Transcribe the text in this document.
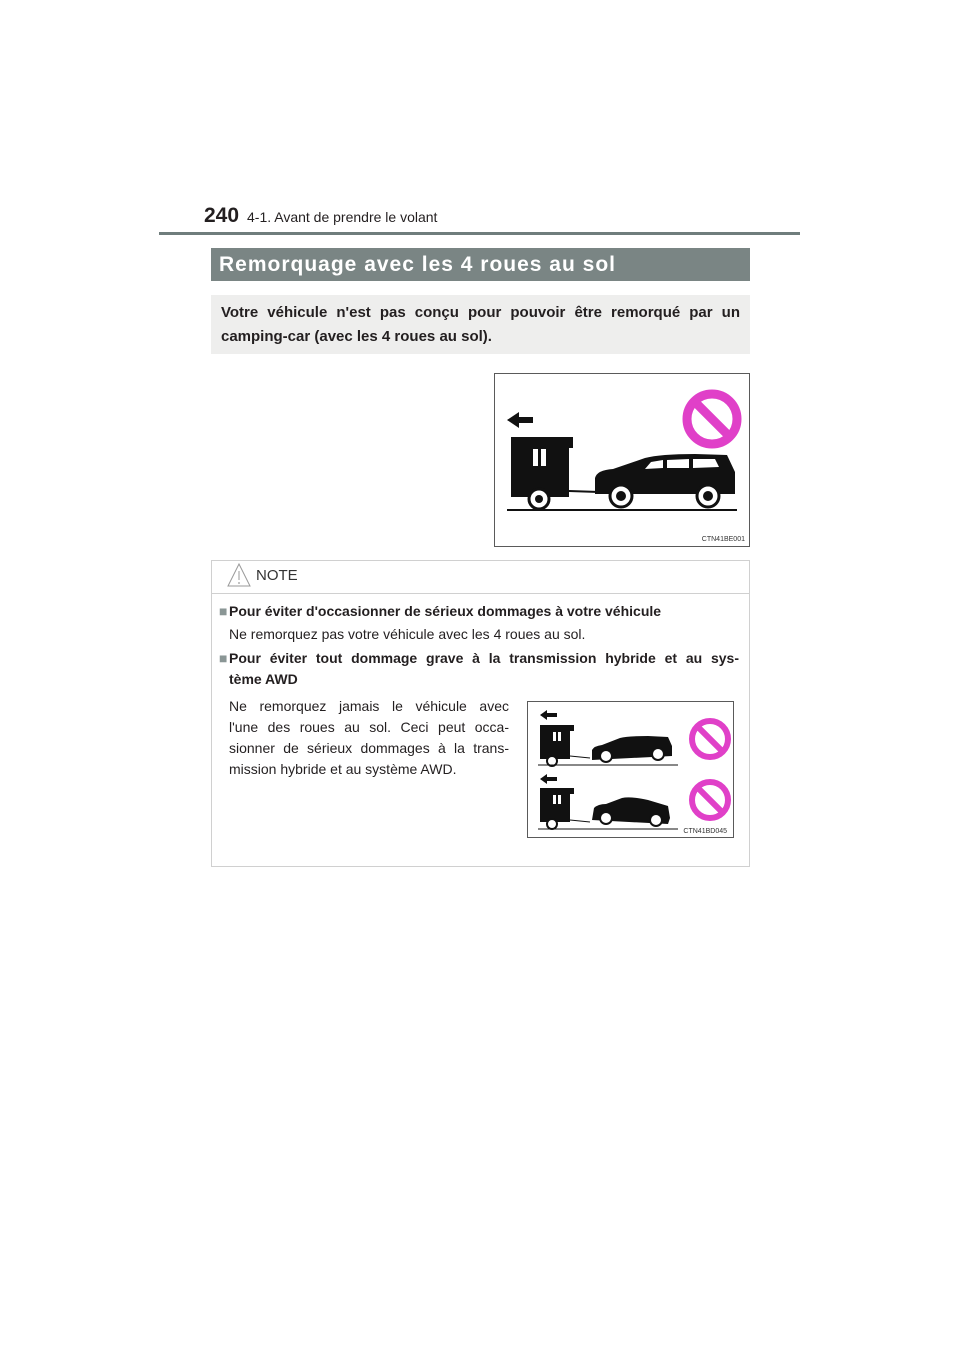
240 4-1. Avant de prendre le volant
Remorquage avec les 4 roues au sol
Votre véhicule n'est pas conçu pour pouvoir être remorqué par un camping-car (avec les 4 roues au sol).
CTN41BE001
NOTE
■ Pour éviter d'occasionner de sérieux dommages à votre véhicule
Ne remorquez pas votre véhicule avec les 4 roues au sol.
■ Pour éviter tout dommage grave à la transmission hybride et au sys-
tème AWD
Ne remorquez jamais le véhicule avec
l'une des roues au sol. Ceci peut occa-
sionner de sérieux dommages à la trans-
mission hybride et au système AWD.
CTN41BD045
